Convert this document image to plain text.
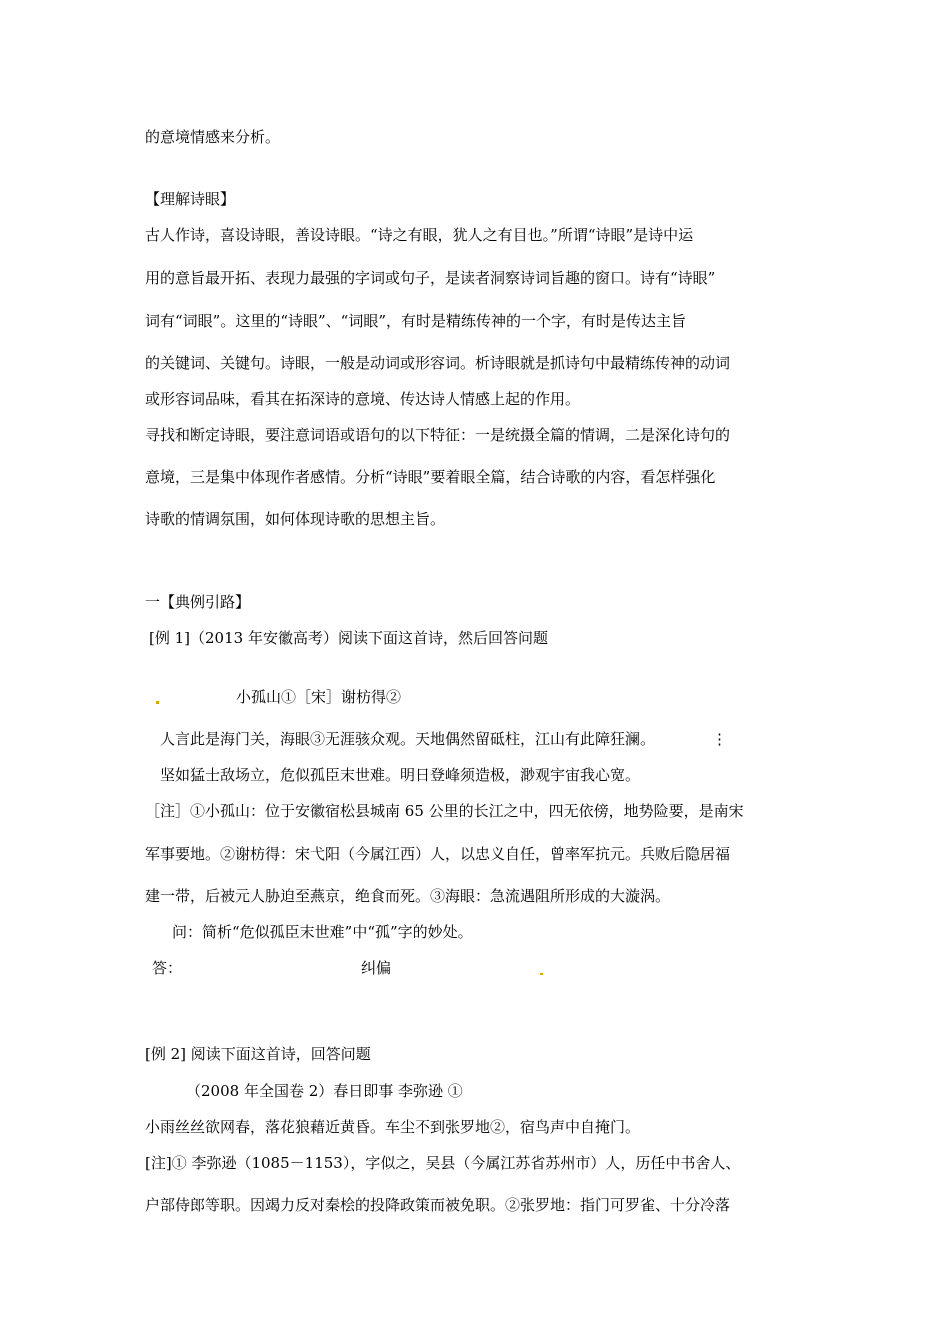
的意境情感来分析。
【理解诗眼】
古人作诗，喜设诗眼，善设诗眼。“诗之有眼，犹人之有目也。”所谓“诗眼”是诗中运
用的意旨最开拓、表现力最强的字词或句子，是读者洞察诗词旨趣的窗口。诗有“诗眼”
词有“词眼”。这里的“诗眼”、“词眼”，有时是精练传神的一个字，有时是传达主旨
的关键词、关键句。诗眼，一般是动词或形容词。析诗眼就是抓诗句中最精练传神的动词
或形容词品味，看其在拓深诗的意境、传达诗人情感上起的作用。
寻找和断定诗眼，要注意词语或语句的以下特征：一是统摄全篇的情调，二是深化诗句的
意境，三是集中体现作者感情。分析“诗眼”要着眼全篇，结合诗歌的内容，看怎样强化
诗歌的情调氛围，如何体现诗歌的思想主旨。
一【典例引路】
[例 1]（2013 年安徽高考）阅读下面这首诗，然后回答问题
小孤山①［宋］谢枋得②
人言此是海门关，海眼③无涯骇众观。天地偶然留砥柱，江山有此障狂澜。	⋮
坚如猛士敌场立，危似孤臣末世难。明日登峰须造极，渺观宇宙我心宽。
［注］①小孤山：位于安徽宿松县城南 65 公里的长江之中，四无依傍，地势险要，是南宋
军事要地。②谢枋得：宋弋阳（今属江西）人，以忠义自任，曾率军抗元。兵败后隐居福
建一带，后被元人胁迫至燕京，绝食而死。③海眼：急流遇阻所形成的大漩涡。
问：简析“危似孤臣末世难”中“孤”字的妙处。
答：	纠偏
[例 2] 阅读下面这首诗，回答问题
（2008 年全国卷 2）春日即事 李弥逊 ①
小雨丝丝欲网春，落花狼藉近黄昏。车尘不到张罗地②，宿鸟声中自掩门。
[注]① 李弥逊（1085－1153），字似之，吴县（今属江苏省苏州市）人，历任中书舍人、
户部侍郎等职。因竭力反对秦桧的投降政策而被免职。②张罗地：指门可罗雀、十分冷落
